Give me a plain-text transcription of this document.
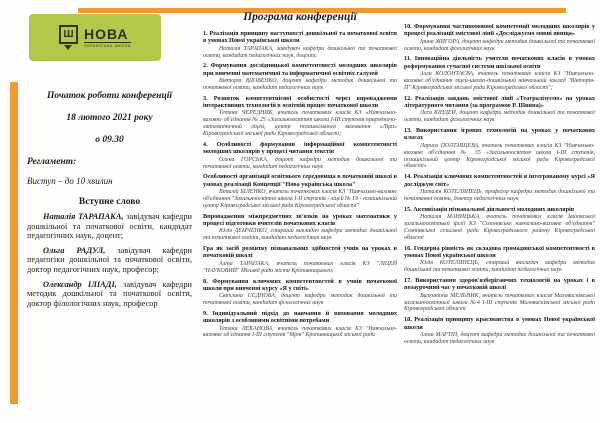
Ш НОВА
УКРАЇНСЬКА ШКОЛА

Початок роботи конференції

18 лютого 2021 року

о 09.30

Регламент:

Виступ – до 10 хвилин

Вступне слово

Наталія ТАРАПАКА, завідувач кафедри дошкільної та початкової освіти, кандидат педагогічних наук, доцент;

Ольга РАДУЛ, завідувач кафедри педагогіки дошкільної та початкової освіти, доктор педагогічних наук, професор;

Олександр ІЛІАДІ, завідувач кафедри методик дошкільної та початкової освіти, доктор філологічних наук, професор

Програма конференції

1. Реалізація принципу наступності дошкільної та початкової освіти в умовах Нової української школи

Наталія ТАРАПАКА, завідувач кафедри дошкільної та початкової освіти, кандидат педагогічних наук, доцент;

2. Формування дослідницької компетентності молодших школярів при вивченні математичної та інформатичної освітніх галузей

Вікторія ВДОВЕНКО, доцент кафедри методик дошкільної та початкової освіти, кандидат педагогічних наук

3. Розвиток компетентнісної особистості через впровадження інтерактивних технологій в освітній процес початкової школи

Тетяна ЧЕРЕДНИК, вчитель початкових класів КЗ «Навчально-виховне об'єднання № 25 «Загальноосвітня школа І-ІІІ ступенів природничо-математичний ліцей, центр позашкільного виховання «Ліра» Кіровоградської міської ради Кіровоградської області;

4. Особливості формування інформаційної компетентності молодших школярів у процесі читання текстів

Олена ГОРСЬКА, доцент кафедри методик дошкільної та початкової освіти, кандидат педагогічних наук

Особливості організації освітнього середовища в початковій школі в умовах реалізації Концепції "Нова українська школа"

Віталій БІЛЕНКО, вчитель початкових класів КЗ "Навчально-виховне об'єднання "Загальноосвітня школа І-ІІ ступенів - ліцей № 19 - позашкільний центр Кіровоградської міської ради Кіровоградської області"

Впровадження міжпредметних зв'язків на уроках математики у процесі підготовки вчителів початкових класів

Юлія ДЕМЧЕНКО, старший викладач кафедри методик дошкільної та початкової освіти, кандидат педагогічних наук

Гра як засіб розвитку пізнавальних здібностей учнів на уроках в початковій школі

Аліна ТАРАПАКА, вчитель початкових класів КЗ "ЛІЦЕЙ "НАУКОВИЙ" Міської ради міста Кропивницького;

8. Формування ключових компетентностей в учнів початкової школи при вивченні курсу «Я у світі»

Світлана СЄДНОВА, доцент кафедри методик дошкільної та початкової освіти, кандидат філологічних наук

9. Індивідуальний підхід до навчання й виховання молодших школярів з особливими освітніми потребами

Тетяна ЛЕКАНОВА, вчитель початкових класів КЗ "Навчально-виховне об'єднання І-ІІІ ступенів "Мрія" Кропивницької міської ради

10. Формування частиномовної компетенції молодших школярів у процесі реалізації змістової лінії «Досліджуємо мовні явища»

Ірина ЖИГОРА, доцент кафедри методик дошкільної та початкової освіти, кандидат філологічних наук

11. Інноваційна діяльність учителя початкових класів в умовах реформування сучасної системи шкільної освіти

Алла КОЛОНТАЄВА, вчитель початкових класів КЗ "Навчально-виховне об'єднання ліцей-школа-дошкільний навчальний заклад "Вікторія-П" Кіровоградської міської ради Кіровоградської області";

12. Реалізація завдань змістової лінії «Театралізуємо» на уроках літературного читання (за програмою Р. Шияна)»

Леся КІНДЕЙ, доцент кафедри методик дошкільної та початкової освіти, кандидат філологічних наук

13. Використання ігрових технологій на уроках у початкових класах

Лариса ПОЛТАВЦЕВА, вчитель початкових класів КЗ "Навчально-виховне об'єднання № 35 «Загальноосвітня школа І-ІІІ ступенів, позашкільний центр Кіровоградської міської ради Кіровоградської області»

14. Реалізація ключових компетентностей в інтегрованому курсі «Я досліджую світ»

Наталія КОТЕЛЯНЕЦЬ, професор кафедри методик дошкільної та початкової освіти, доктор педагогічних наук

15. Активізація пізнавальної діяльності молодших школярів

Наталія МАНИЦЬКА, вчитель початкових класів Іванівської загальноосвітньої філії КЗ "Созонівське навчально-виховне об'єднання" Созонівської сільської ради Кіровоградського району Кіровоградської області

16. Гендерна рівність як складова громадянської компетентності в умовах Нової української школи

Юлія КОТЕЛЯНЕЦЬ, старший викладач кафедри методик дошкільної та початкової освіти, кандидат педагогічних наук

17. Використання здоров'язберігаючих технологій на уроках і в позаурочний час у початковій школі

Валентина МЕЛЬНИК, вчитель початкових класів Маловисківської загальноосвітньої школи №4 І-ІІІ ступенів Маловисківської міської ради Кіровоградської області

18. Реалізація принципу краєзнавства в умовах Нової української школи

Аліна МАРТІН, доцент кафедри методик дошкільної та початкової освіти, кандидат педагогічних наук
